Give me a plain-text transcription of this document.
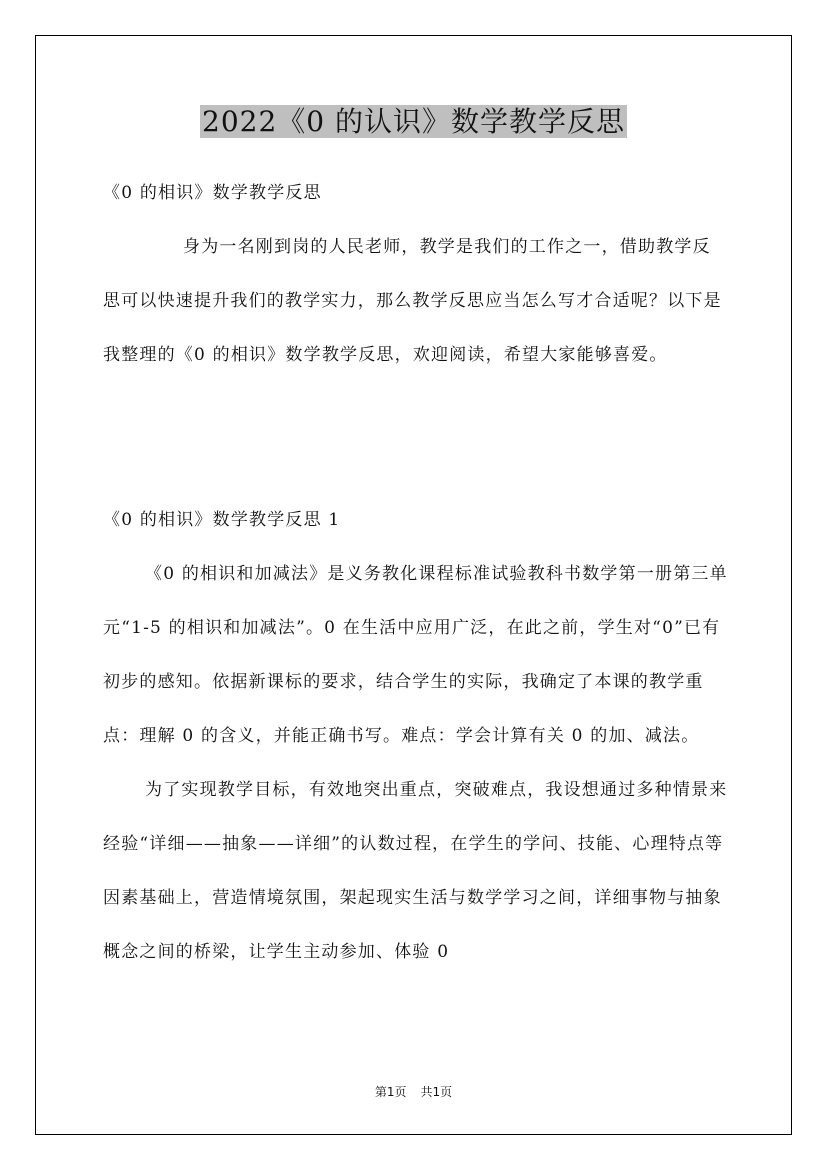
2022《0 的认识》数学教学反思

《0 的相识》数学教学反思

身为一名刚到岗的人民老师，教学是我们的工作之一，借助教学反思可以快速提升我们的教学实力，那么教学反思应当怎么写才合适呢？以下是我整理的《0 的相识》数学教学反思，欢迎阅读，希望大家能够喜爱。

《0 的相识》数学教学反思 1

《0 的相识和加减法》是义务教化课程标准试验教科书数学第一册第三单元“1-5 的相识和加减法”。0 在生活中应用广泛，在此之前，学生对“0”已有初步的感知。依据新课标的要求，结合学生的实际，我确定了本课的教学重点：理解 0 的含义，并能正确书写。难点：学会计算有关 0 的加、减法。

为了实现教学目标，有效地突出重点，突破难点，我设想通过多种情景来经验“详细——抽象——详细”的认数过程，在学生的学问、技能、心理特点等因素基础上，营造情境氛围，架起现实生活与数学学习之间，详细事物与抽象概念之间的桥梁，让学生主动参加、体验 0

第1页 共1页
